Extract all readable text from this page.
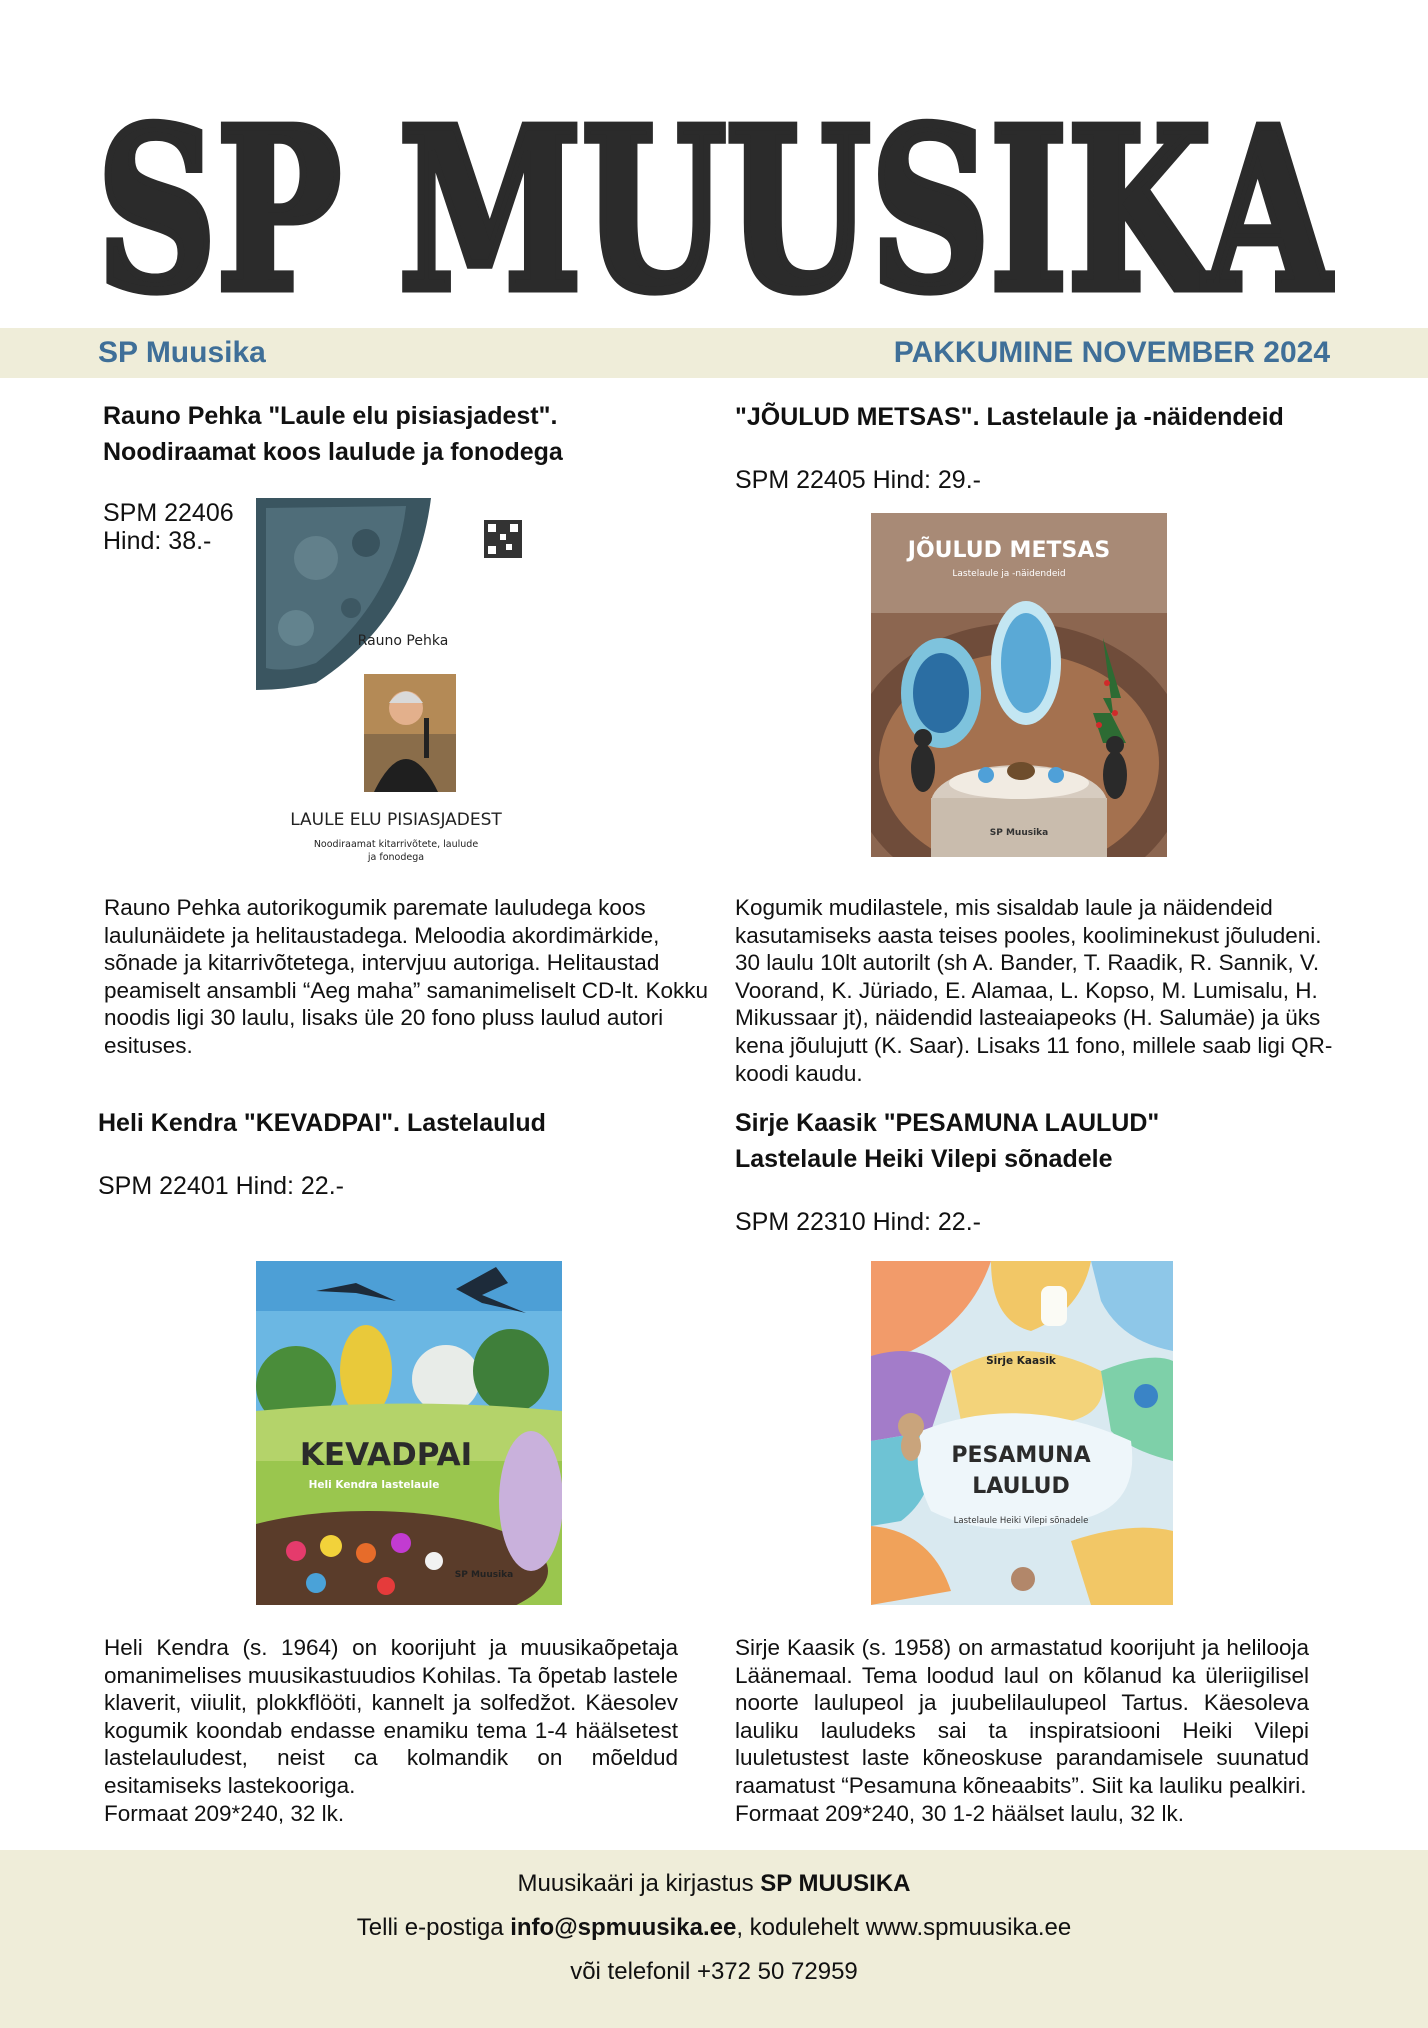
SP MUUSIKA
SP Muusika	PAKKUMINE NOVEMBER 2024
Rauno Pehka "Laule elu pisiasjadest".
Noodiraamat koos laulude ja fonodega
SPM 22406
Hind: 38.-
Rauno Pehka
LAULE ELU PISIASJADEST
Noodiraamat kitarrivõtete, laulude
ja fonodega
Rauno Pehka autorikogumik paremate lauludega koos laulunäidete ja helitaustadega. Meloodia akordimärkide, sõnade ja kitarrivõtetega, intervjuu autoriga. Helitaustad peamiselt ansambli “Aeg maha” samanimeliselt CD-lt. Kokku noodis ligi 30 laulu, lisaks üle 20 fono pluss laulud autori esituses.
"JÕULUD METSAS". Lastelaule ja -näidendeid
SPM 22405 Hind: 29.-
JÕULUD METSAS
Lastelaule ja -näidendeid
SP Muusika
Kogumik mudilastele, mis sisaldab laule ja näidendeid kasutamiseks aasta teises pooles, kooliminekust jõuludeni. 30 laulu 10lt autorilt (sh A. Bander, T. Raadik, R. Sannik, V. Voorand, K. Jüriado, E. Alamaa, L. Kopso, M. Lumisalu, H. Mikussaar jt), näidendid lasteaiapeoks (H. Salumäe) ja üks kena jõulujutt (K. Saar). Lisaks 11 fono, millele saab ligi QR-koodi kaudu.
Heli Kendra "KEVADPAI". Lastelaulud
SPM 22401 Hind: 22.-
KEVADPAI
Heli Kendra lastelaule
SP Muusika

Heli Kendra (s. 1964) on koorijuht ja muusikaõpetaja omanimelises muusikastuudios Kohilas. Ta õpetab lastele klaverit, viiulit, plokkflööti, kannelt ja solfedžot. Käesolev kogumik koondab endasse enamiku tema 1-4 häälsetest lastelauludest, neist ca kolmandik on mõeldud esitamiseks lastekooriga.

Formaat 209*240, 32 lk.

Sirje Kaasik "PESAMUNA LAULUD"
Lastelaule Heiki Vilepi sõnadele
SPM 22310 Hind: 22.-
Sirje Kaasik
PESAMUNA
LAULUD
Lastelaule Heiki Vilepi sõnadele

Sirje Kaasik (s. 1958) on armastatud koorijuht ja helilooja Läänemaal. Tema loodud laul on kõlanud ka üleriigilisel noorte laulupeol ja juubelilaulupeol Tartus. Käesoleva lauliku lauludeks sai ta inspiratsiooni Heiki Vilepi luuletustest laste kõneoskuse parandamisele suunatud raamatust “Pesamuna kõneaabits”. Siit ka lauliku pealkiri.

Formaat 209*240, 30 1-2 häälset laulu, 32 lk.

Muusikaäri ja kirjastus SP MUUSIKA
Telli e-postiga info@spmuusika.ee, kodulehelt www.spmuusika.ee
või telefonil +372 50 72959
